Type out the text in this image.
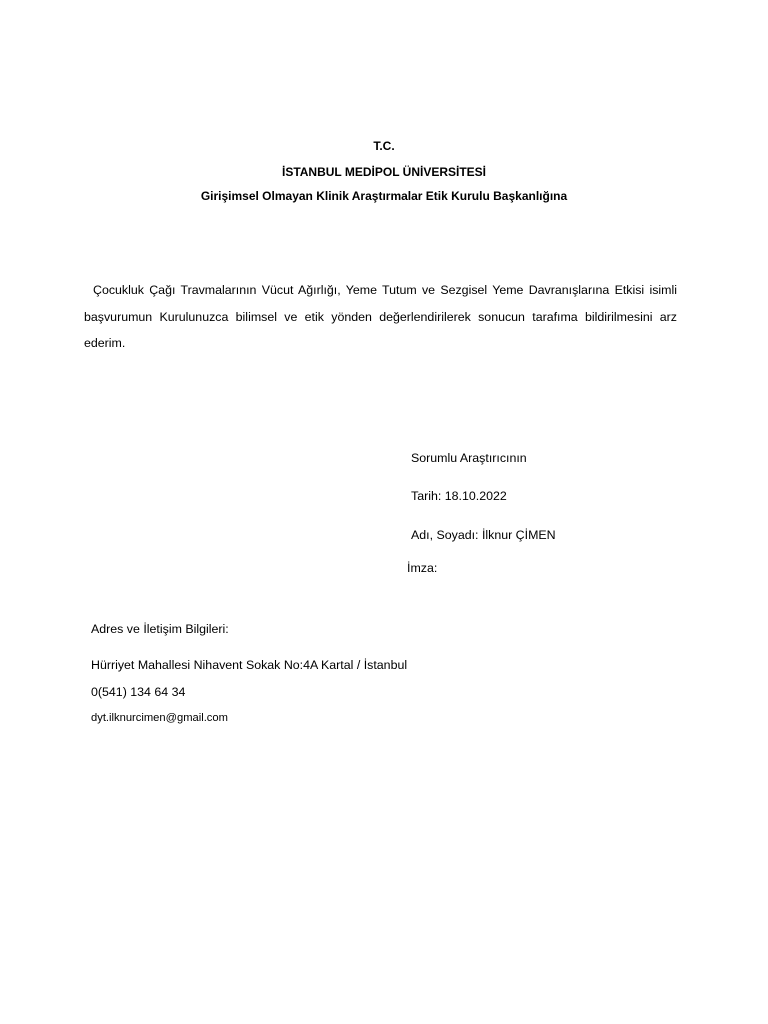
T.C.
İSTANBUL MEDİPOL ÜNİVERSİTESİ
Girişimsel Olmayan Klinik Araştırmalar Etik Kurulu Başkanlığına

Çocukluk Çağı Travmalarının Vücut Ağırlığı, Yeme Tutum ve Sezgisel Yeme Davranışlarına Etkisi isimli başvurumun Kurulunuzca bilimsel ve etik yönden değerlendirilerek sonucun tarafıma bildirilmesini arz ederim.

Sorumlu Araştırıcının
Tarih: 18.10.2022
Adı, Soyadı: İlknur ÇİMEN
İmza:
Adres ve İletişim Bilgileri:
Hürriyet Mahallesi Nihavent Sokak No:4A Kartal / İstanbul
0(541) 134 64 34
dyt.ilknurcimen@gmail.com
